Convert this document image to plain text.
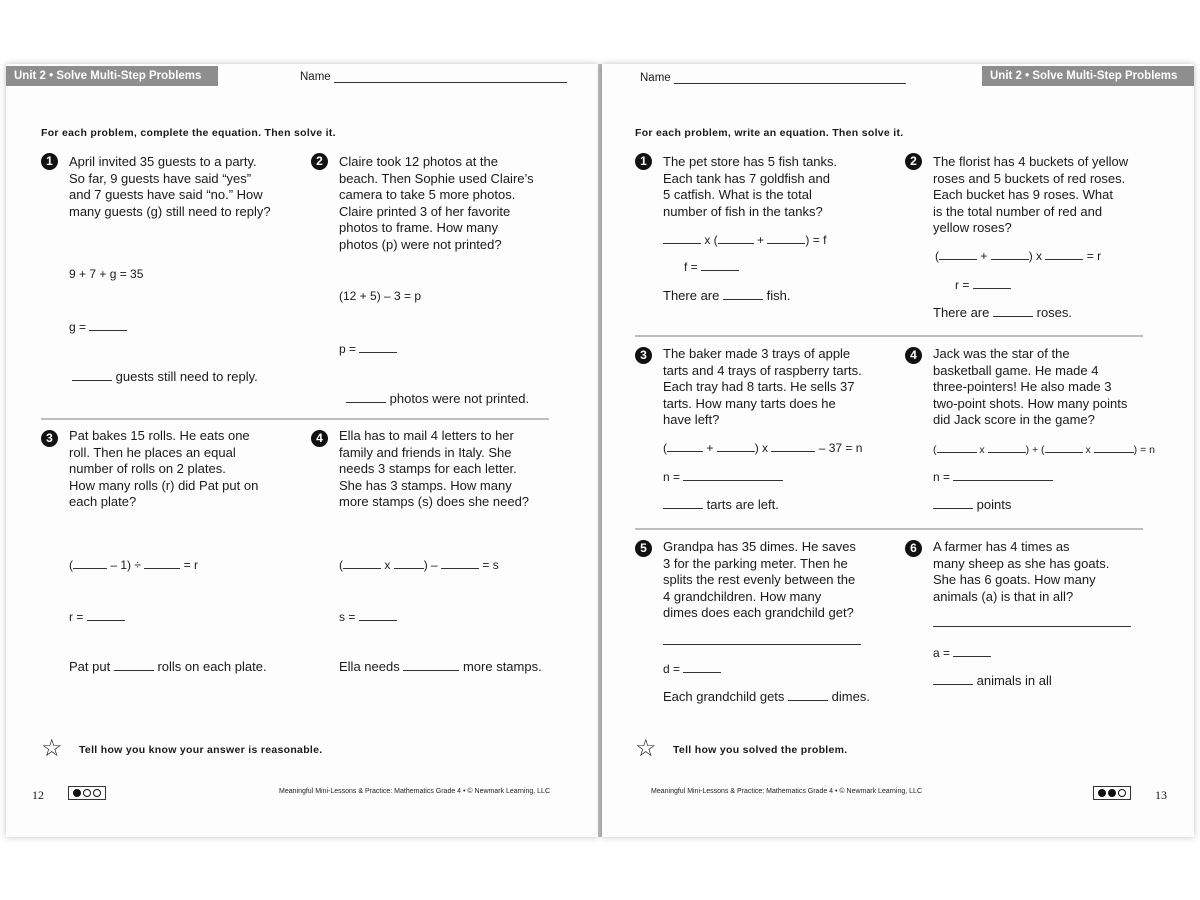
Unit 2 • Solve Multi-Step Problems	Name
For each problem, complete the equation. Then solve it.
1	April invited 35 guests to a party.
So far, 9 guests have said “yes”
and 7 guests have said “no.” How
many guests (g) still need to reply?
9 + 7 + g = 35
g =
guests still need to reply.
2	Claire took 12 photos at the
beach. Then Sophie used Claire’s
camera to take 5 more photos.
Claire printed 3 of her favorite
photos to frame. How many
photos (p) were not printed?
(12 + 5) – 3 = p
p =
photos were not printed.
3	Pat bakes 15 rolls. He eats one
roll. Then he places an equal
number of rolls on 2 plates.
How many rolls (r) did Pat put on
each plate?
(	– 1) ÷	= r
r =
Pat put	rolls on each plate.
4	Ella has to mail 4 letters to her
family and friends in Italy. She
needs 3 stamps for each letter.
She has 3 stamps. How many
more stamps (s) does she need?
(	x	) –	= s
s =
Ella needs	more stamps.
☆ Tell how you know your answer is reasonable.
12	Meaningful Mini-Lessons & Practice: Mathematics Grade 4 • © Newmark Learning, LLC
Name	Unit 2 • Solve Multi-Step Problems
For each problem, write an equation. Then solve it.
1	The pet store has 5 fish tanks.
Each tank has 7 goldfish and
5 catfish. What is the total
number of fish in the tanks?
x (	+	) = f
f =
There are	fish.
2	The florist has 4 buckets of yellow
roses and 5 buckets of red roses.
Each bucket has 9 roses. What
is the total number of red and
yellow roses?
(	+	) x	= r
r =
There are	roses.
3	The baker made 3 trays of apple
tarts and 4 trays of raspberry tarts.
Each tray had 8 tarts. He sells 37
tarts. How many tarts does he
have left?
(	+	) x	– 37 = n
n =
tarts are left.
4	Jack was the star of the
basketball game. He made 4
three-pointers! He also made 3
two-point shots. How many points
did Jack score in the game?
(	x	) + (	x	) = n
n =
points
5	Grandpa has 35 dimes. He saves
3 for the parking meter. Then he
splits the rest evenly between the
4 grandchildren. How many
dimes does each grandchild get?
d =
Each grandchild gets	dimes.
6	A farmer has 4 times as
many sheep as she has goats.
She has 6 goats. How many
animals (a) is that in all?
a =
animals in all
☆ Tell how you solved the problem.
Meaningful Mini-Lessons & Practice: Mathematics Grade 4 • © Newmark Learning, LLC	13
